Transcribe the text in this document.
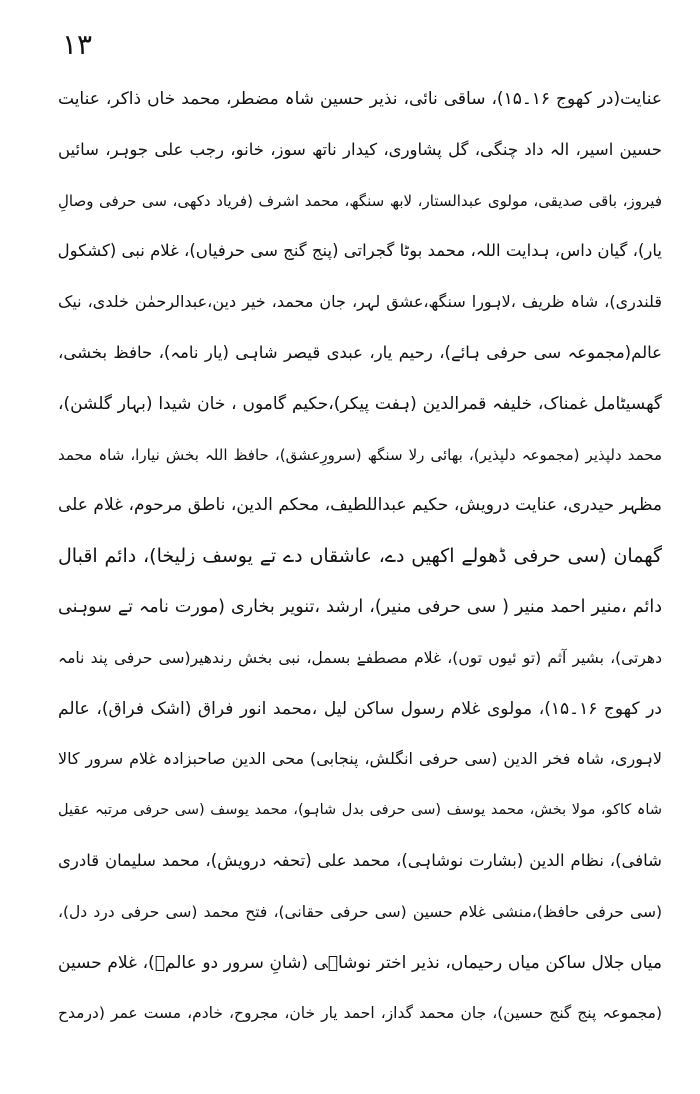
۱۳
عنایت(در کھوج ۱۶۔۱۵)، ساقی نائی، نذیر حسین شاہ مضطر، محمد خاں ذاکر، عنایت
حسین اسیر، الہ داد چنگی، گل پشاوری، کیدار ناتھ سوز، خانو، رجب علی جوہر، سائیں
فیروز، باقی صدیقی، مولوی عبدالستار، لابھ سنگھ، محمد اشرف (فریاد دکھی، سی حرفی وصالِ
یار)، گیان داس، ہدایت اللہ، محمد بوٹا گجراتی (پنج گنج سی حرفیاں)، غلام نبی (کشکول
قلندری)، شاہ ظریف ،لاہورا سنگھ،عشق لہر، جان محمد، خیر دین،عبدالرحمٰن خلدی، نیک
عالم(مجموعہ سی حرفی ہائے)، رحیم یار، عبدی قیصر شاہی (یار نامہ)، حافظ بخشی،
گھسیٹامل غمناک، خلیفہ قمرالدین (ہفت پیکر)،حکیم گاموں ، خان شیدا (بہار گلشن)،
محمد دلپذیر (مجموعہ دلپذیر)، بھائی رلا سنگھ (سرورِعشق)، حافظ اللہ بخش نیارا، شاہ محمد
مظہر حیدری، عنایت درویش، حکیم عبداللطیف، محکم الدین، ناطق مرحوم، غلام علی
گھمان (سی حرفی ڈھولے اکھیں دے، عاشقاں دے تے یوسف زلیخا)، دائم اقبال
دائم ،منیر احمد منیر ( سی حرفی منیر)، ارشد ،تنویر بخاری (مورت نامہ تے سوہنی
دھرتی)، بشیر آثم (تو ئیوں توں)، غلام مصطفےٰ بسمل، نبی بخش رندھیر(سی حرفی پند نامہ
در کھوج ۱۶۔۱۵)، مولوی غلام رسول ساکن لیل ،محمد انور فراق (اشک فراق)، عالم
لاہوری، شاہ فخر الدین (سی حرفی انگلش، پنجابی) محی الدین صاحبزادہ غلام سرور کالا
شاہ کاکو، مولا بخش، محمد یوسف (سی حرفی بدل شاہو)، محمد یوسف (سی حرفی مرتبہ عقیل
شافی)، نظام الدین (بشارت نوشاہی)، محمد علی (تحفہ درویش)، محمد سلیمان قادری
(سی حرفی حافظ)،منشی غلام حسین (سی حرفی حقانی)، فتح محمد (سی حرفی درد دل)،
میاں جلال ساکن میاں رحیماں، نذیر اختر نوشاہی (شانِ سرور دو عالمؐ)، غلام حسین
(مجموعہ پنج گنج حسین)، جان محمد گداز، احمد یار خان، مجروح، خادم، مست عمر (درمدح
